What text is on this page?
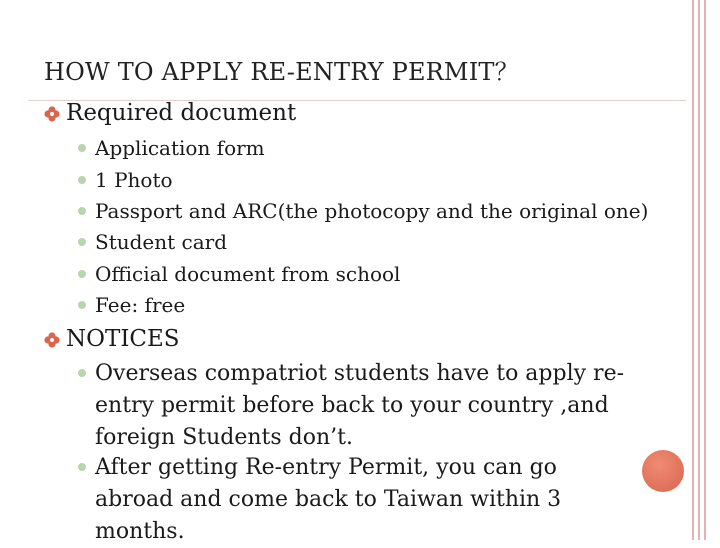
HOW TO APPLY RE-ENTRY PERMIT？
Required document
Application form
1 Photo
Passport and ARC(the photocopy and the original one)
Student card
Official document from school
Fee: free
NOTICES
Overseas compatriot students have to apply re-entry permit before back to your country ,and foreign Students don’t.
After getting Re-entry Permit, you can go abroad and come back to Taiwan within 3 months.
